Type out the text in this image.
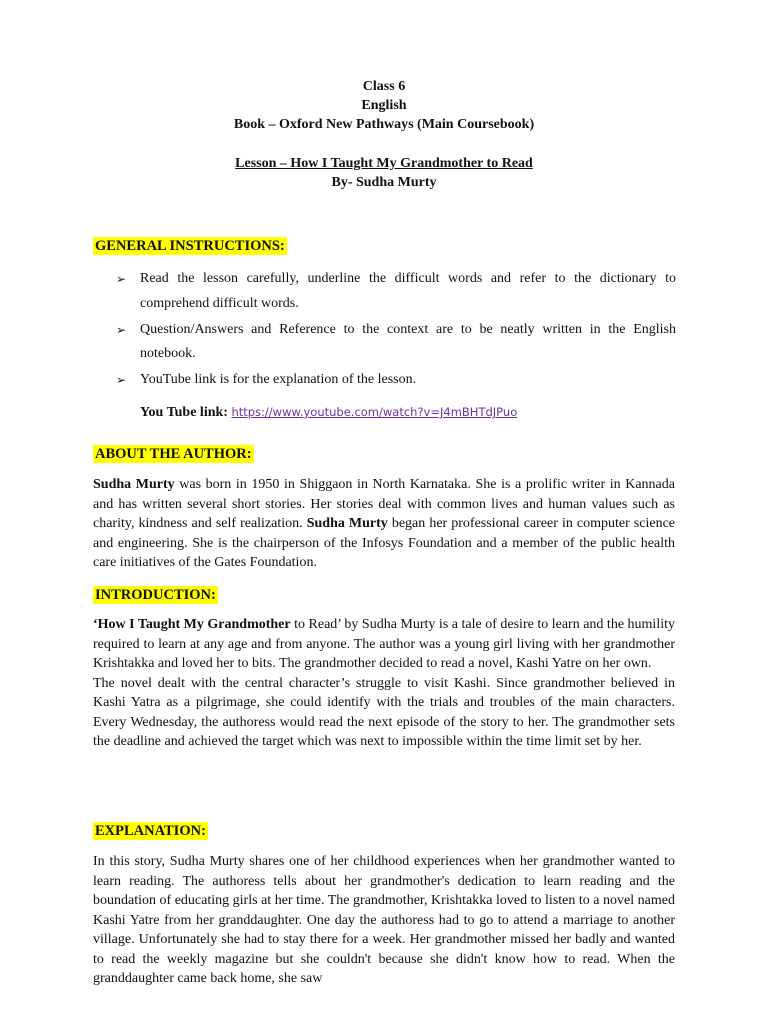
Class 6
English
Book – Oxford New Pathways (Main Coursebook)
Lesson – How I Taught My Grandmother to Read
By- Sudha Murty
GENERAL INSTRUCTIONS:
➢ Read the lesson carefully, underline the difficult words and refer to the dictionary to comprehend difficult words.
➢ Question/Answers and Reference to the context are to be neatly written in the English notebook.
➢ YouTube link is for the explanation of the lesson.
You Tube link: https://www.youtube.com/watch?v=J4mBHTdJPuo
ABOUT THE AUTHOR:

Sudha Murty was born in 1950 in Shiggaon in North Karnataka. She is a prolific writer in Kannada and has written several short stories. Her stories deal with common lives and human values such as charity, kindness and self realization. Sudha Murty began her professional career in computer science and engineering. She is the chairperson of the Infosys Foundation and a member of the public health care initiatives of the Gates Foundation.

INTRODUCTION:

‘How I Taught My Grandmother to Read’ by Sudha Murty is a tale of desire to learn and the humility required to learn at any age and from anyone. The author was a young girl living with her grandmother Krishtakka and loved her to bits. The grandmother decided to read a novel, Kashi Yatre on her own.

The novel dealt with the central character’s struggle to visit Kashi. Since grandmother believed in Kashi Yatra as a pilgrimage, she could identify with the trials and troubles of the main characters. Every Wednesday, the authoress would read the next episode of the story to her. The grandmother sets the deadline and achieved the target which was next to impossible within the time limit set by her.

EXPLANATION:

In this story, Sudha Murty shares one of her childhood experiences when her grandmother wanted to learn reading. The authoress tells about her grandmother's dedication to learn reading and the boundation of educating girls at her time. The grandmother, Krishtakka loved to listen to a novel named Kashi Yatre from her granddaughter. One day the authoress had to go to attend a marriage to another village. Unfortunately she had to stay there for a week. Her grandmother missed her badly and wanted to read the weekly magazine but she couldn't because she didn't know how to read. When the granddaughter came back home, she saw
